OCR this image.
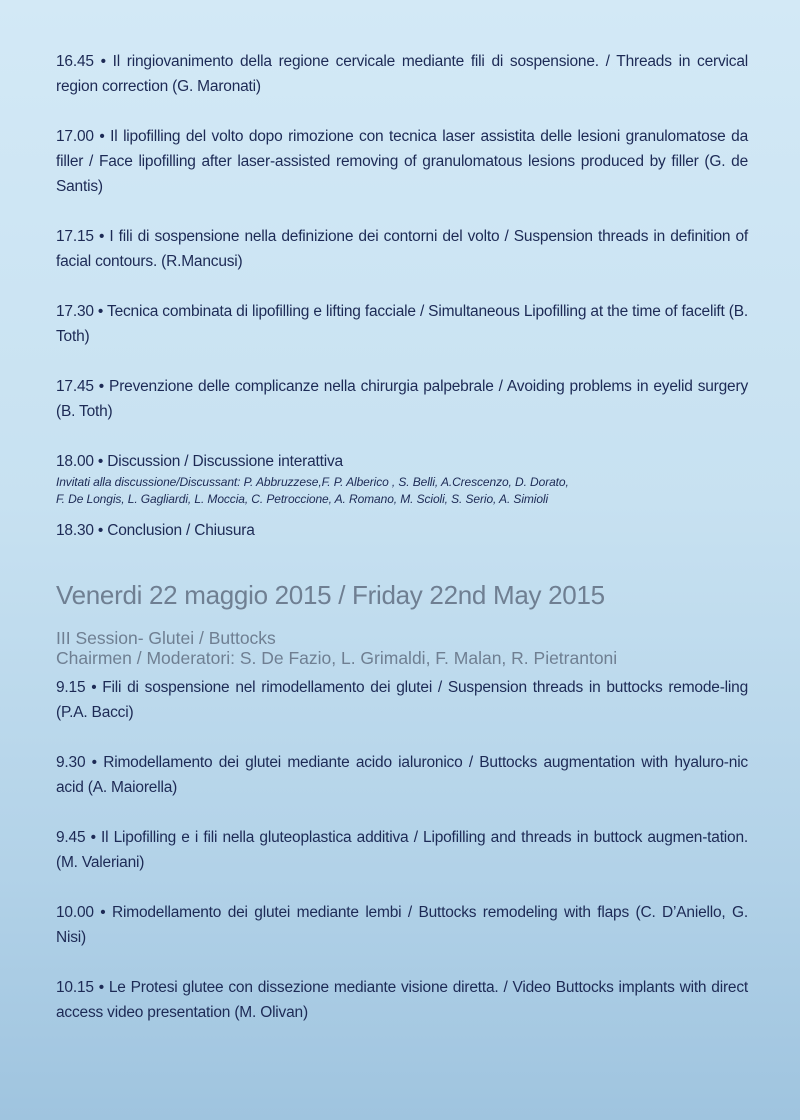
16.45 • Il ringiovanimento della regione cervicale mediante fili di sospensione. / Threads in cervical region correction (G. Maronati)

17.00 • Il lipofilling del volto dopo rimozione con tecnica laser assistita delle lesioni granulomatose da filler / Face lipofilling after laser-assisted removing of granulomatous lesions produced by filler (G. de Santis)

17.15 • I fili di sospensione nella definizione dei contorni del volto / Suspension threads in definition of facial contours. (R.Mancusi)

17.30 • Tecnica combinata di lipofilling e lifting facciale / Simultaneous Lipofilling at the time of facelift (B. Toth)

17.45 • Prevenzione delle complicanze nella chirurgia palpebrale / Avoiding problems in eyelid surgery (B. Toth)

18.00 • Discussion / Discussione interattiva

Invitati alla discussione/Discussant: P. Abbruzzese,F. P. Alberico , S. Belli, A.Crescenzo, D. Dorato,

F. De Longis, L. Gagliardi, L. Moccia, C. Petroccione, A. Romano, M. Scioli, S. Serio, A. Simioli

18.30 • Conclusion / Chiusura

Venerdi 22 maggio 2015 / Friday 22nd May 2015
III Session- Glutei / Buttocks
Chairmen / Moderatori: S. De Fazio, L. Grimaldi, F. Malan, R. Pietrantoni

9.15 • Fili di sospensione nel rimodellamento dei glutei / Suspension threads in buttocks remode-ling (P.A. Bacci)

9.30 • Rimodellamento dei glutei mediante acido ialuronico / Buttocks augmentation with hyaluro-nic acid (A. Maiorella)

9.45 • Il Lipofilling e i fili nella gluteoplastica additiva / Lipofilling and threads in buttock augmen-tation. (M. Valeriani)

10.00 • Rimodellamento dei glutei mediante lembi / Buttocks remodeling with flaps (C. D’Aniello, G. Nisi)

10.15 • Le Protesi glutee con dissezione mediante visione diretta. / Video Buttocks implants with direct access video presentation (M. Olivan)
